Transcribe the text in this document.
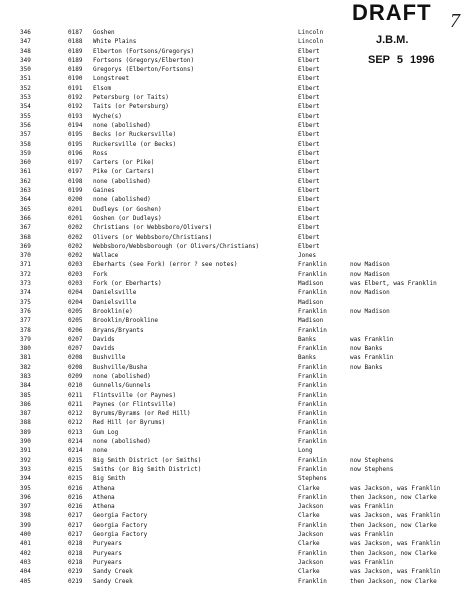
DRAFT 7
J.B.M.
SEP 5 1996
346	0187 Goshen	Lincoln
347	0188 White Plains	Lincoln
348	0189 Elberton (Fortsons/Gregorys)	Elbert
349	0189 Fortsons (Gregorys/Elberton)	Elbert
350	0189 Gregorys (Elberton/Fortsons)	Elbert
351	0190 Longstreet	Elbert
352	0191 Elsom	Elbert
353	0192 Petersburg (or Taits)	Elbert
354	0192 Taits (or Petersburg)	Elbert
355	0193 Wyche(s)	Elbert
356	0194 none (abolished)	Elbert
357	0195 Becks (or Ruckersville)	Elbert
358	0195 Ruckersville (or Becks)	Elbert
359	0196 Ross	Elbert
360	0197 Carters (or Pike)	Elbert
361	0197 Pike (or Carters)	Elbert
362	0198 none (abolished)	Elbert
363	0199 Gaines	Elbert
364	0200 none (abolished)	Elbert
365	0201 Dudleys (or Goshen)	Elbert
366	0201 Goshen (or Dudleys)	Elbert
367	0202 Christians (or Webbsboro/Olivers)	Elbert
368	0202 Olivers (or Webbsboro/Christians)	Elbert
369	0202 Webbsboro/Webbsborough (or Olivers/Christians)	Elbert
370	0202 Wallace	Jones
371	0203 Eberharts (see Fork) (error ? see notes)	Franklin	now Madison
372	0203 Fork	Franklin	now Madison
373	0203 Fork (or Eberharts)	Madison	was Elbert, was Franklin
374	0204 Danielsville	Franklin	now Madison
375	0204 Danielsville	Madison
376	0205 Brooklin(e)	Franklin	now Madison
377	0205 Brooklin/Brookline	Madison
378	0206 Bryans/Bryants	Franklin
379	0207 Davids	Banks	was Franklin
380	0207 Davids	Franklin	now Banks
381	0208 Bushville	Banks	was Franklin
382	0208 Bushville/Busha	Franklin	now Banks
383	0209 none (abolished)	Franklin
384	0210 Gunnells/Gunnels	Franklin
385	0211 Flintsville (or Paynes)	Franklin
386	0211 Paynes (or Flintsville)	Franklin
387	0212 Byrums/Byrams (or Red Hill)	Franklin
388	0212 Red Hill (or Byrums)	Franklin
389	0213 Gum Log	Franklin
390	0214 none (abolished)	Franklin
391	0214 none	Long
392	0215 Big Smith District (or Smiths)	Franklin	now Stephens
393	0215 Smiths (or Big Smith District)	Franklin	now Stephens
394	0215 Big Smith	Stephens
395	0216 Athena	Clarke	was Jackson, was Franklin
396	0216 Athena	Franklin	then Jackson, now Clarke
397	0216 Athena	Jackson	was Franklin
398	0217 Georgia Factory	Clarke	was Jackson, was Franklin
399	0217 Georgia Factory	Franklin	then Jackson, now Clarke
400	0217 Georgia Factory	Jackson	was Franklin
401	0218 Puryears	Clarke	was Jackson, was Franklin
402	0218 Puryears	Franklin	then Jackson, now Clarke
403	0218 Puryears	Jackson	was Franklin
404	0219 Sandy Creek	Clarke	was Jackson, was Franklin
405	0219 Sandy Creek	Franklin	then Jackson, now Clarke
